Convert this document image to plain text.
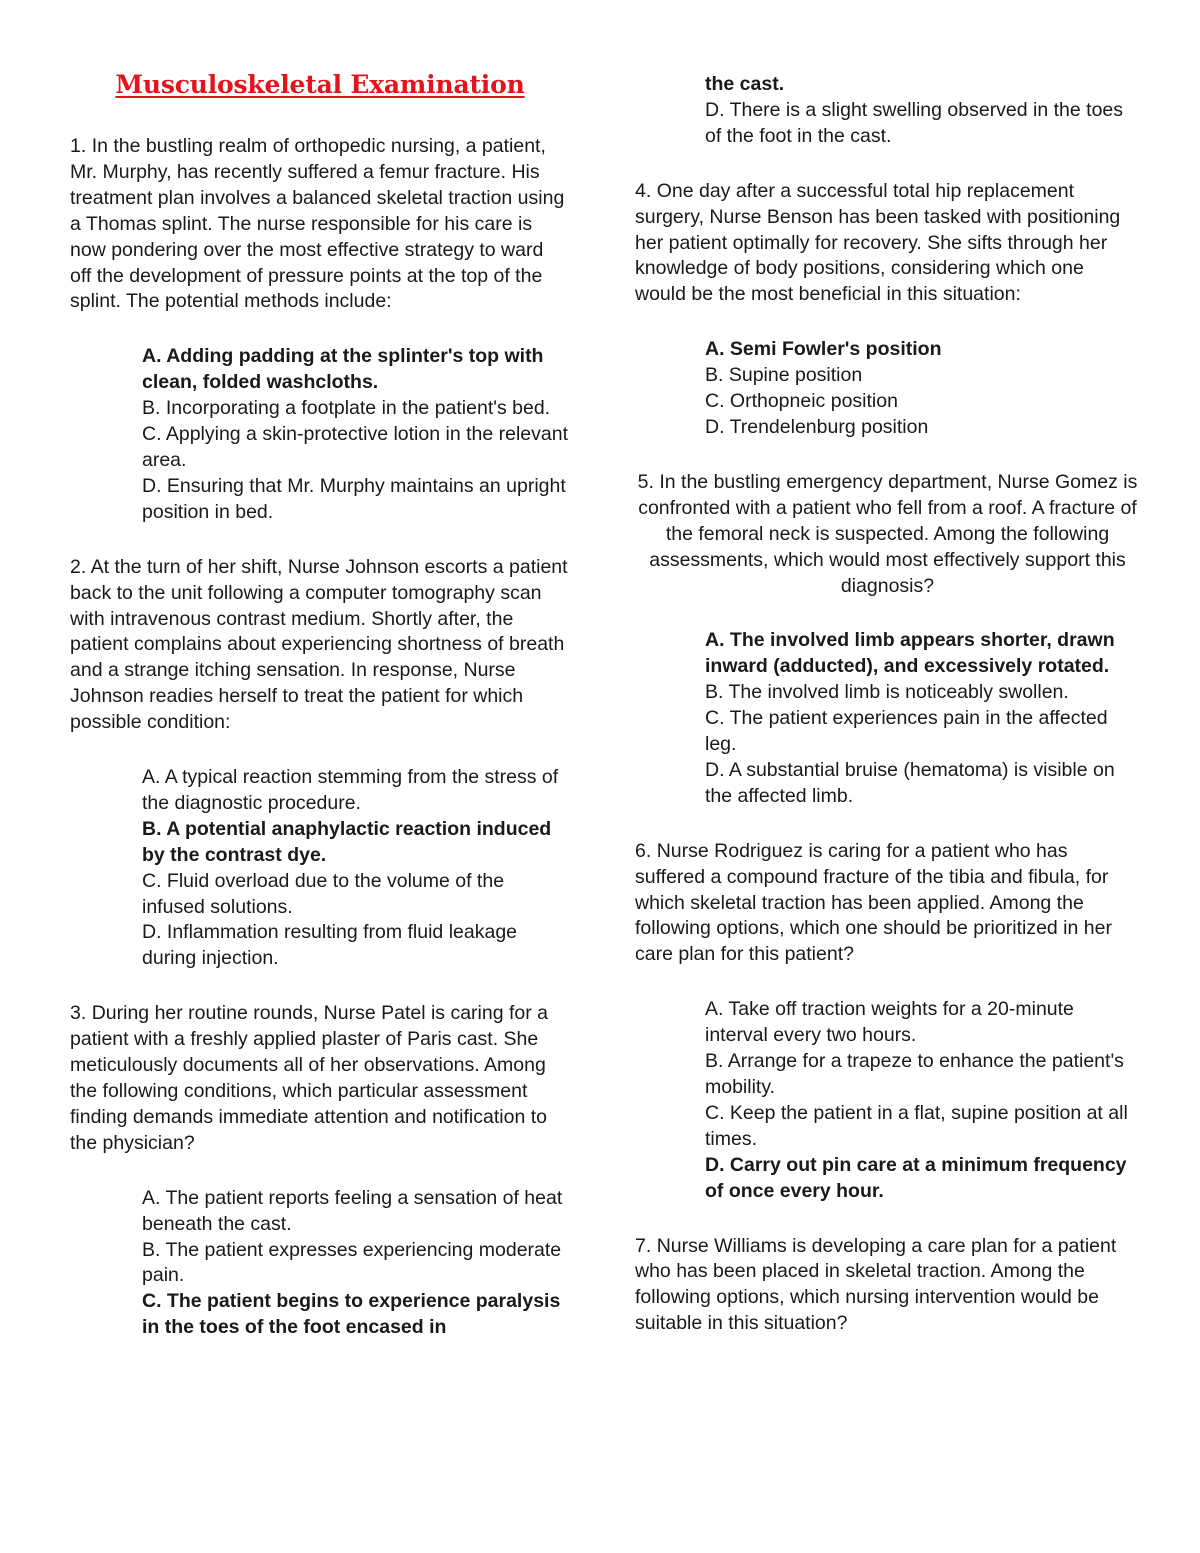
Musculoskeletal Examination

1. In the bustling realm of orthopedic nursing, a patient, Mr. Murphy, has recently suffered a femur fracture. His treatment plan involves a balanced skeletal traction using a Thomas splint. The nurse responsible for his care is now pondering over the most effective strategy to ward off the development of pressure points at the top of the splint. The potential methods include:

A. Adding padding at the splinter's top with clean, folded washcloths.
B. Incorporating a footplate in the patient's bed.
C. Applying a skin-protective lotion in the relevant area.
D. Ensuring that Mr. Murphy maintains an upright position in bed.

2. At the turn of her shift, Nurse Johnson escorts a patient back to the unit following a computer tomography scan with intravenous contrast medium. Shortly after, the patient complains about experiencing shortness of breath and a strange itching sensation. In response, Nurse Johnson readies herself to treat the patient for which possible condition:

A. A typical reaction stemming from the stress of the diagnostic procedure.
B. A potential anaphylactic reaction induced by the contrast dye.
C. Fluid overload due to the volume of the infused solutions.
D. Inflammation resulting from fluid leakage during injection.

3. During her routine rounds, Nurse Patel is caring for a patient with a freshly applied plaster of Paris cast. She meticulously documents all of her observations. Among the following conditions, which particular assessment finding demands immediate attention and notification to the physician?

A. The patient reports feeling a sensation of heat beneath the cast.
B. The patient expresses experiencing moderate pain.
C. The patient begins to experience paralysis in the toes of the foot encased in

the cast.

D. There is a slight swelling observed in the toes of the foot in the cast.

4. One day after a successful total hip replacement surgery, Nurse Benson has been tasked with positioning her patient optimally for recovery. She sifts through her knowledge of body positions, considering which one would be the most beneficial in this situation:

A. Semi Fowler's position
B. Supine position
C. Orthopneic position
D. Trendelenburg position

5. In the bustling emergency department, Nurse Gomez is confronted with a patient who fell from a roof. A fracture of the femoral neck is suspected. Among the following assessments, which would most effectively support this diagnosis?

A. The involved limb appears shorter, drawn inward (adducted), and excessively rotated.
B. The involved limb is noticeably swollen.
C. The patient experiences pain in the affected leg.
D. A substantial bruise (hematoma) is visible on the affected limb.

6. Nurse Rodriguez is caring for a patient who has suffered a compound fracture of the tibia and fibula, for which skeletal traction has been applied. Among the following options, which one should be prioritized in her care plan for this patient?

A. Take off traction weights for a 20-minute interval every two hours.
B. Arrange for a trapeze to enhance the patient's mobility.
C. Keep the patient in a flat, supine position at all times.
D. Carry out pin care at a minimum frequency of once every hour.

7. Nurse Williams is developing a care plan for a patient who has been placed in skeletal traction. Among the following options, which nursing intervention would be suitable in this situation?
